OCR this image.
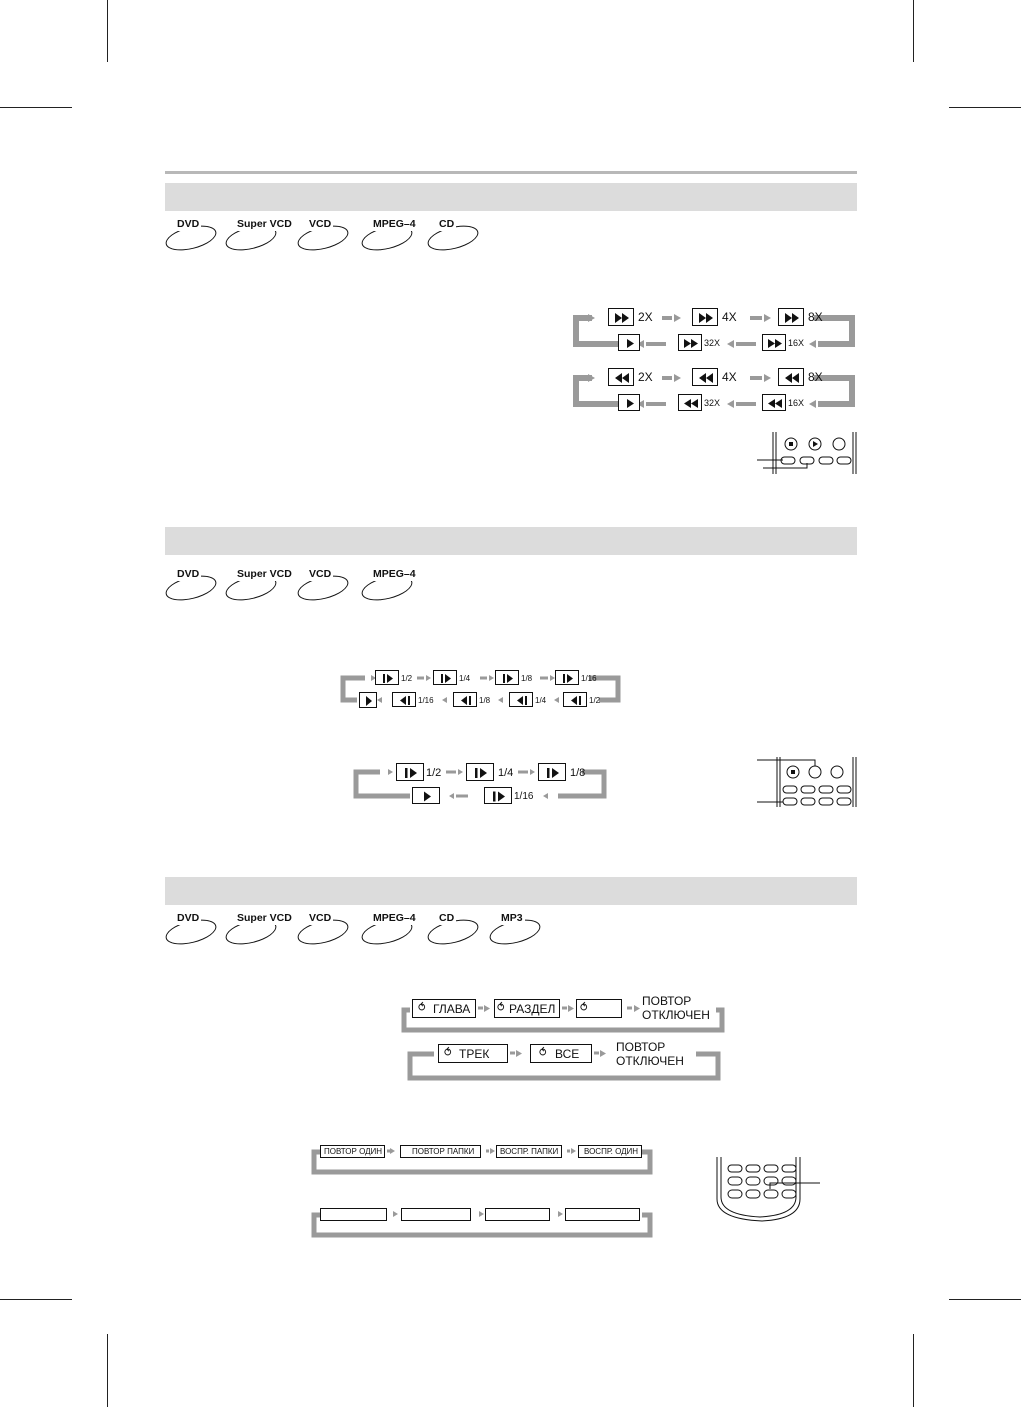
DVD	Super VCD VCD	MPEG–4 CD
2X	4X	8X
32X	16X
2X	4X	8X
32X	16X
DVD	Super VCD VCD	MPEG–4
1/2	1/4	1/8	1/16
1/16	1/8	1/4	1/2
1/2	1/4	1/8
1/16
DVD	Super VCD VCD	MPEG–4 CD	MP3
⥀ ГЛАВА ⥀ РАЗДЕЛ ⥀	ПОВТОР
ОТКЛЮЧЕН
⥀ ТРЕК	⥀ ВСЕ	ПОВТОР
ОТКЛЮЧЕН
ПОВТОР ОДИН	ПОВТОР ПАПКИ	ВОСПР. ПАПКИ	ВОСПР. ОДИН
